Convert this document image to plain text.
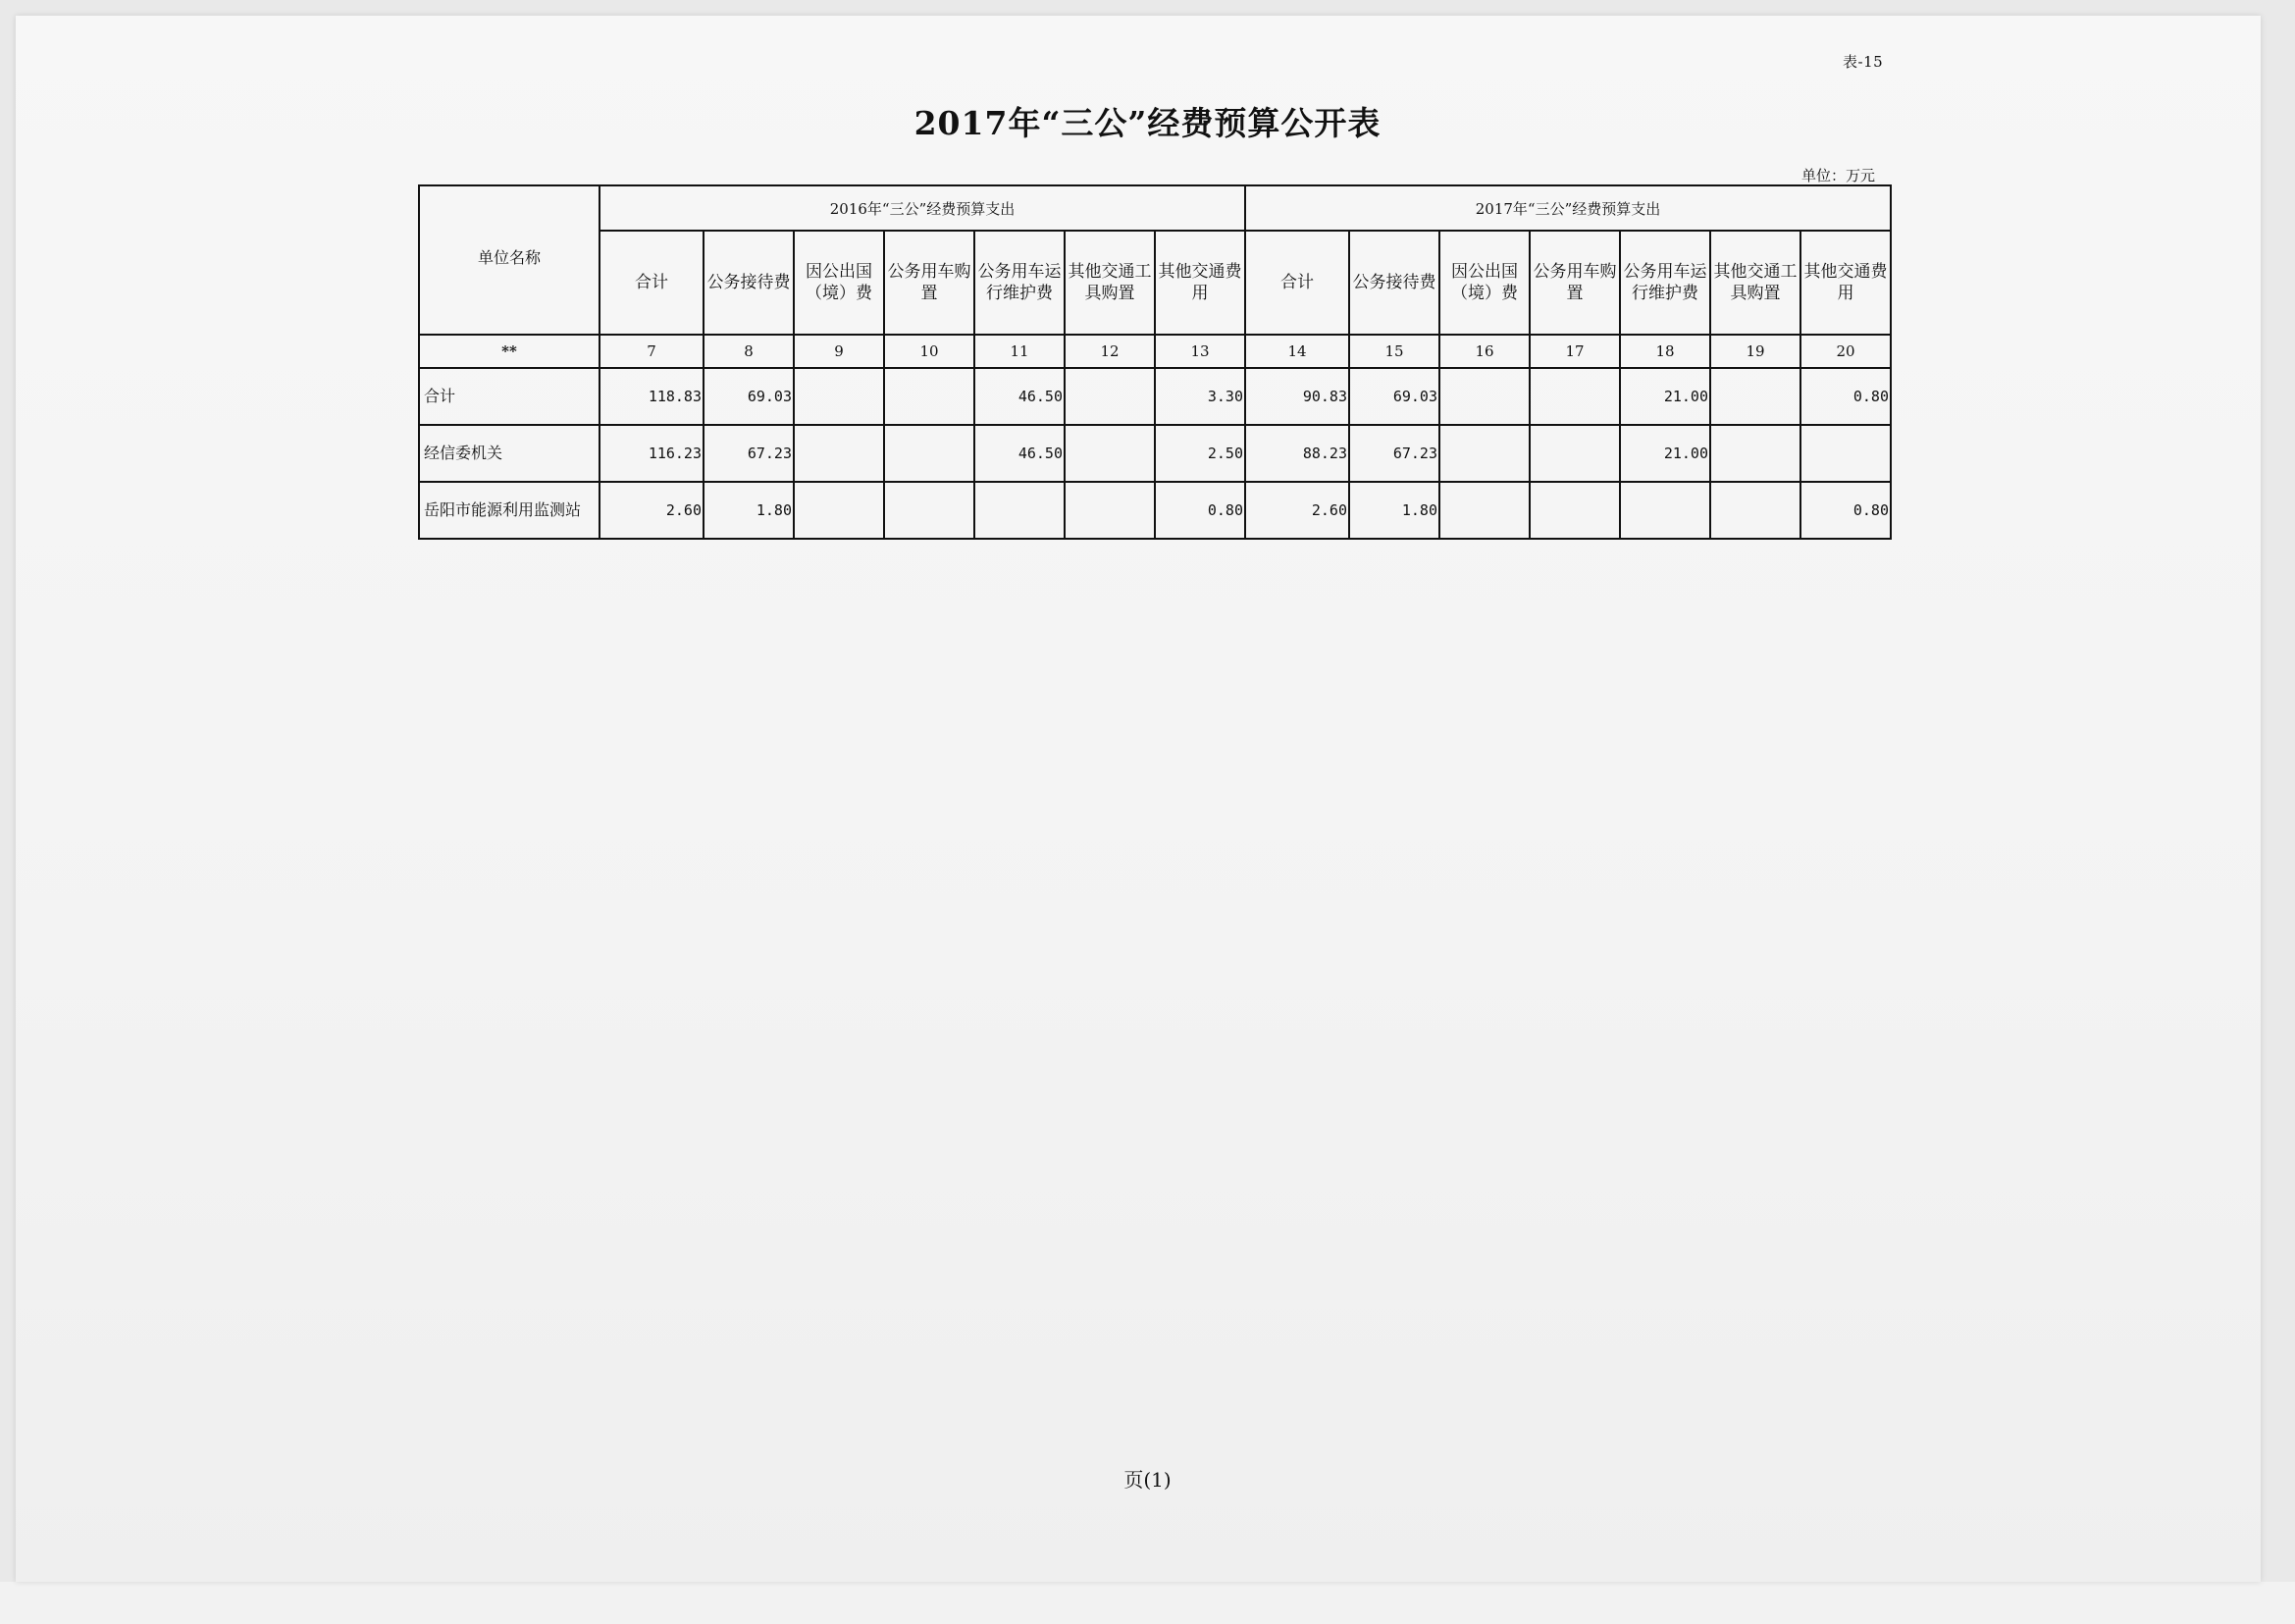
表-15
2017年“三公”经费预算公开表
单位：万元
单位名称	2016年“三公”经费预算支出							2017年“三公”经费预算支出						
	合计	公务接待费	因公出国（境）费	公务用车购置	公务用车运行维护费	其他交通工具购置	其他交通费用	合计	公务接待费	因公出国（境）费	公务用车购置	公务用车运行维护费	其他交通工具购置	其他交通费用
**	7	8	9	10	11	12	13	14	15	16	17	18	19	20
合计	118.83	69.03			46.50		3.30	90.83	69.03			21.00		0.80
经信委机关	116.23	67.23			46.50		2.50	88.23	67.23			21.00		
岳阳市能源利用监测站	2.60	1.80					0.80	2.60	1.80					0.80
页(1)
